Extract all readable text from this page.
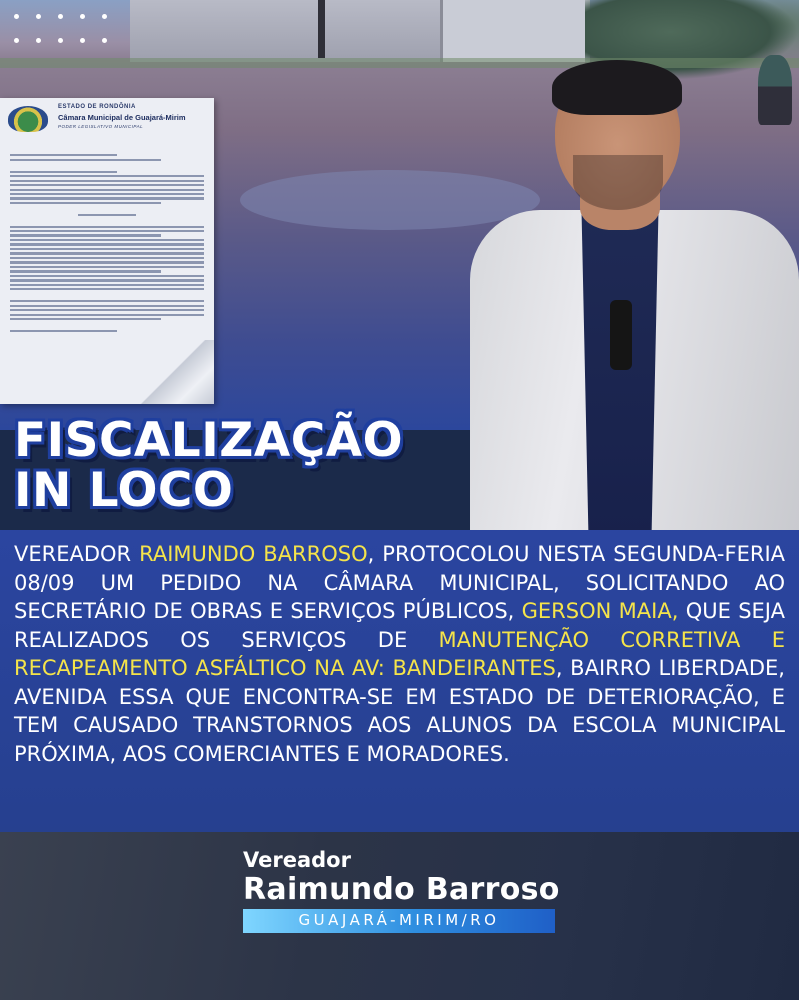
ESTADO DE RONDÔNIA
Câmara Municipal de Guajará-Mirim
PODER LEGISLATIVO MUNICIPAL
FISCALIZAÇÃO
IN LOCO

VEREADOR RAIMUNDO BARROSO, PROTOCOLOU NESTA SEGUNDA-FERIA 08/09 UM PEDIDO NA CÂMARA MUNICIPAL, SOLICITANDO AO SECRETÁRIO DE OBRAS E SERVIÇOS PÚBLICOS, GERSON MAIA, QUE SEJA REALIZADOS OS SERVIÇOS DE MANUTENÇÃO CORRETIVA E RECAPEAMENTO ASFÁLTICO NA AV: BANDEIRANTES, BAIRRO LIBERDADE, AVENIDA ESSA QUE ENCONTRA-SE EM ESTADO DE DETERIORAÇÃO, E TEM CAUSADO TRANSTORNOS AOS ALUNOS DA ESCOLA MUNICIPAL PRÓXIMA, AOS COMERCIANTES E MORADORES.

Vereador
Raimundo Barroso
GUAJARÁ-MIRIM/RO
